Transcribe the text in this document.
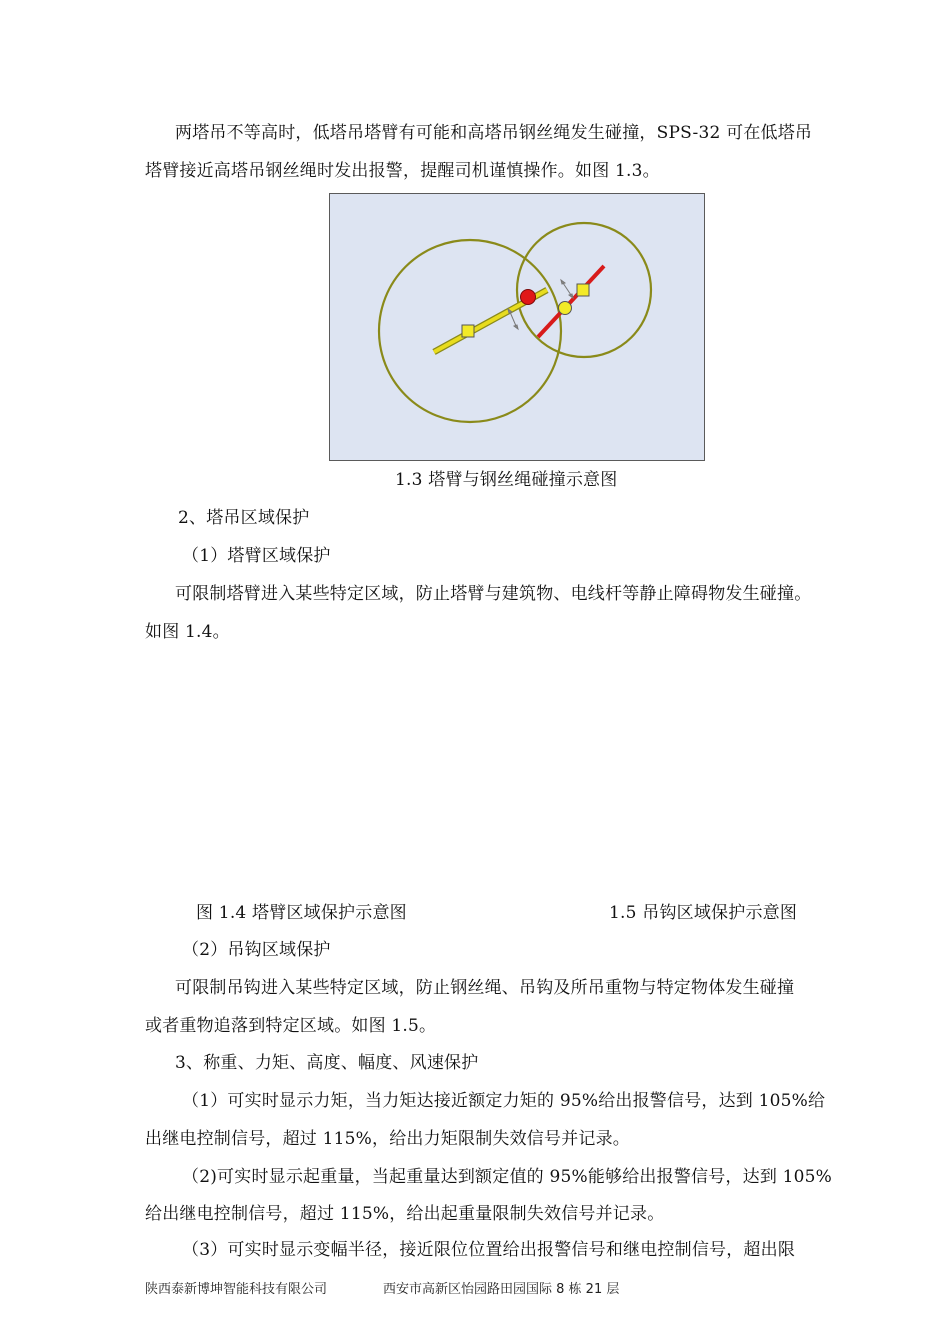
两塔吊不等高时，低塔吊塔臂有可能和高塔吊钢丝绳发生碰撞，SPS-32 可在低塔吊
塔臂接近高塔吊钢丝绳时发出报警，提醒司机谨慎操作。如图 1.3。
1.3 塔臂与钢丝绳碰撞示意图
2、塔吊区域保护
（1）塔臂区域保护
可限制塔臂进入某些特定区域，防止塔臂与建筑物、电线杆等静止障碍物发生碰撞。
如图 1.4。
图 1.4 塔臂区域保护示意图	1.5 吊钩区域保护示意图
（2）吊钩区域保护
可限制吊钩进入某些特定区域，防止钢丝绳、吊钩及所吊重物与特定物体发生碰撞
或者重物追落到特定区域。如图 1.5。
3、称重、力矩、高度、幅度、风速保护
（1）可实时显示力矩，当力矩达接近额定力矩的 95%给出报警信号，达到 105%给
出继电控制信号，超过 115%，给出力矩限制失效信号并记录。
（2)可实时显示起重量，当起重量达到额定值的 95%能够给出报警信号，达到 105%
给出继电控制信号，超过 115%，给出起重量限制失效信号并记录。
（3）可实时显示变幅半径，接近限位位置给出报警信号和继电控制信号，超出限
陕西泰新博坤智能科技有限公司	西安市高新区怡园路田园国际 8 栋 21 层
